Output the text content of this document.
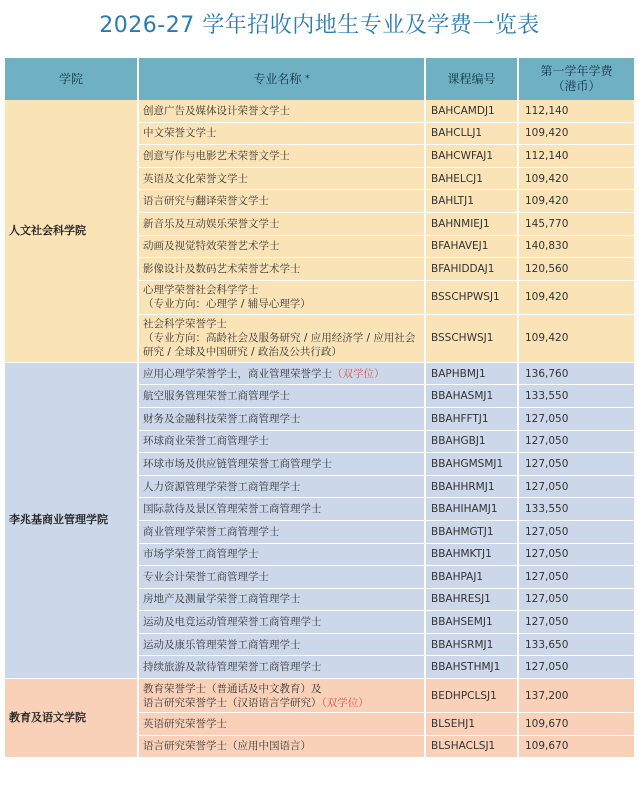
2026-27 学年招收内地生专业及学费一览表
学院	专业名称 *	课程编号	第一学年学费
（港币）

人文社会科学院	创意广告及媒体设计荣誉文学士	BAHCAMDJ1	112,140
	中文荣誉文学士	BAHCLLJ1	109,420
	创意写作与电影艺术荣誉文学士	BAHCWFAJ1	112,140
	英语及文化荣誉文学士	BAHELCJ1	109,420
	语言研究与翻译荣誉文学士	BAHLTJ1	109,420
	新音乐及互动娱乐荣誉文学士	BAHNMIEJ1	145,770
	动画及视觉特效荣誉艺术学士	BFAHAVEJ1	140,830
	影像设计及数码艺术荣誉艺术学士	BFAHIDDAJ1	120,560

	心理学荣誉社会科学学士
（专业方向：心理学 / 辅导心理学）	BSSCHPWSJ1	109,420

	社会科学荣誉学士
（专业方向：高龄社会及服务研究 / 应用经济学 / 应用社会研究 / 全球及中国研究 / 政治及公共行政）	BSSCHWSJ1	109,420
李兆基商业管理学院	应用心理学荣誉学士，商业管理荣誉学士（双学位）	BAPHBMJ1	136,760
	航空服务管理荣誉工商管理学士	BBAHASMJ1	133,550
	财务及金融科技荣誉工商管理学士	BBAHFFTJ1	127,050
	环球商业荣誉工商管理学士	BBAHGBJ1	127,050
	环球市场及供应链管理荣誉工商管理学士	BBAHGMSMJ1	127,050
	人力资源管理学荣誉工商管理学士	BBAHHRMJ1	127,050
	国际款待及景区管理荣誉工商管理学士	BBAHIHAMJ1	133,550
	商业管理学荣誉工商管理学士	BBAHMGTJ1	127,050
	市场学荣誉工商管理学士	BBAHMKTJ1	127,050
	专业会计荣誉工商管理学士	BBAHPAJ1	127,050
	房地产及测量学荣誉工商管理学士	BBAHRESJ1	127,050
	运动及电竞运动管理荣誉工商管理学士	BBAHSEMJ1	127,050
	运动及康乐管理荣誉工商管理学士	BBAHSRMJ1	133,650
	持续旅游及款待管理荣誉工商管理学士	BBAHSTHMJ1	127,050
教育及语文学院	教育荣誉学士（普通话及中文教育）及
语言研究荣誉学士（汉语语言学研究）（双学位）	BEDHPCLSJ1	137,200
	英语研究荣誉学士	BLSEHJ1	109,670
	语言研究荣誉学士（应用中国语言）	BLSHACLSJ1	109,670
